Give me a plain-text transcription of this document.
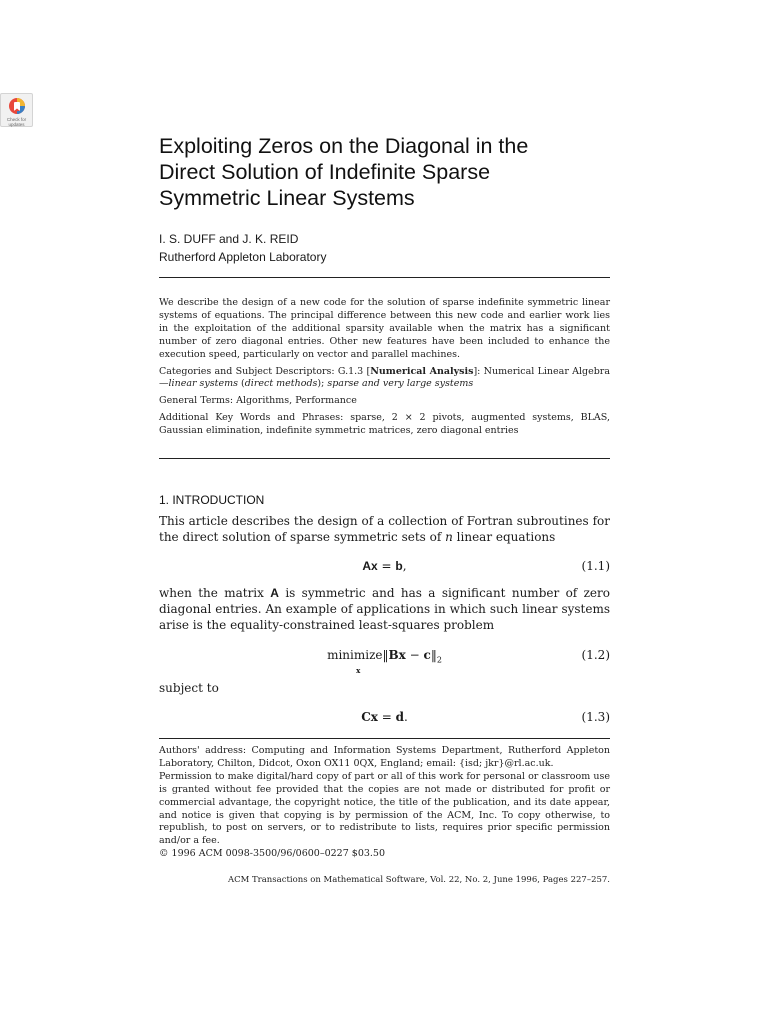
Check for updates
Exploiting Zeros on the Diagonal in the
Direct Solution of Indefinite Sparse
Symmetric Linear Systems
I. S. DUFF and J. K. REID
Rutherford Appleton Laboratory

We describe the design of a new code for the solution of sparse indefinite symmetric linear systems of equations. The principal difference between this new code and earlier work lies in the exploitation of the additional sparsity available when the matrix has a significant number of zero diagonal entries. Other new features have been included to enhance the execution speed, particularly on vector and parallel machines.

Categories and Subject Descriptors: G.1.3 [Numerical Analysis]: Numerical Linear Algebra—linear systems (direct methods); sparse and very large systems

General Terms: Algorithms, Performance

Additional Key Words and Phrases: sparse, 2 × 2 pivots, augmented systems, BLAS, Gaussian elimination, indefinite symmetric matrices, zero diagonal entries

1. INTRODUCTION

This article describes the design of a collection of Fortran subroutines for the direct solution of sparse symmetric sets of n linear equations

Ax = b,	(1.1)

when the matrix A is symmetric and has a significant number of zero diagonal entries. An example of applications in which such linear systems arise is the equality-constrained least-squares problem

minimize
x
‖Bx − $c‖_2$	(1.2)

subject to

Cx = d.	(1.3)

Authors' address: Computing and Information Systems Department, Rutherford Appleton Laboratory, Chilton, Didcot, Oxon OX11 0QX, England; email: {isd; jkr}@rl.ac.uk.

Permission to make digital/hard copy of part or all of this work for personal or classroom use is granted without fee provided that the copies are not made or distributed for profit or commercial advantage, the copyright notice, the title of the publication, and its date appear, and notice is given that copying is by permission of the ACM, Inc. To copy otherwise, to republish, to post on servers, or to redistribute to lists, requires prior specific permission and/or a fee.

© 1996 ACM 0098-3500/96/0600–0227 $03.50

ACM Transactions on Mathematical Software, Vol. 22, No. 2, June 1996, Pages 227–257.
